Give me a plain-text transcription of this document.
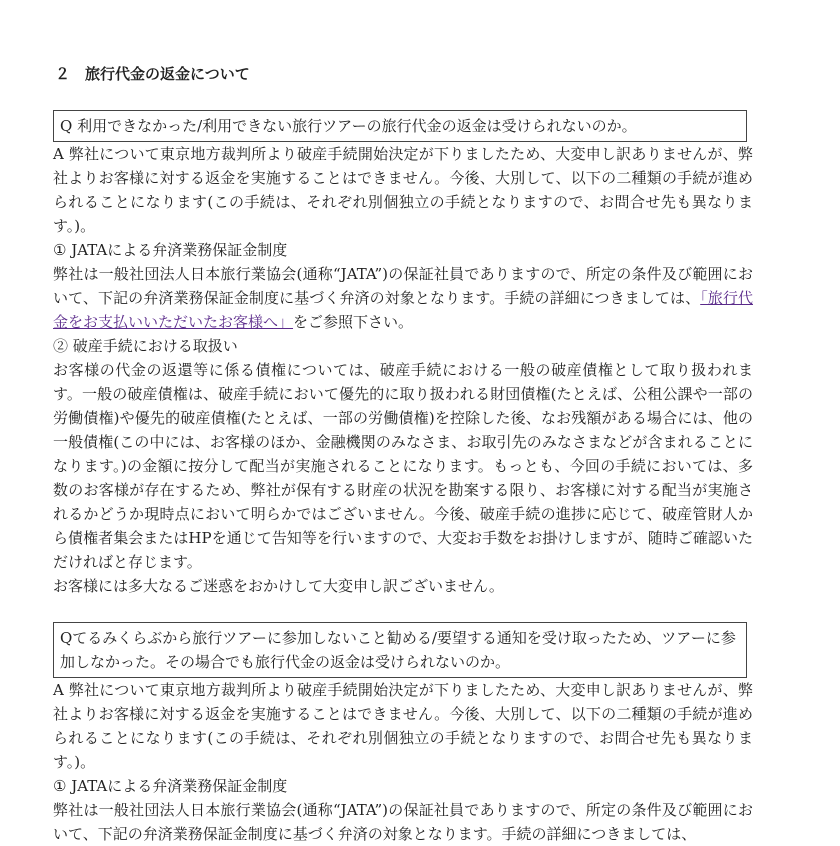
２　旅行代金の返金について
Q 利用できなかった/利用できない旅行ツアーの旅行代金の返金は受けられないのか。

A 弊社について東京地方裁判所より破産手続開始決定が下りましたため、大変申し訳ありませんが、弊社よりお客様に対する返金を実施することはできません。今後、大別して、以下の二種類の手続が進められることになります(この手続は、それぞれ別個独立の手続となりますので、お問合せ先も異なります。)。

① JATAによる弁済業務保証金制度

弊社は一般社団法人日本旅行業協会(通称“JATA”)の保証社員でありますので、所定の条件及び範囲において、下記の弁済業務保証金制度に基づく弁済の対象となります。手続の詳細につきましては、「旅行代金をお支払いいただいたお客様へ」をご参照下さい。

② 破産手続における取扱い

お客様の代金の返還等に係る債権については、破産手続における一般の破産債権として取り扱われます。一般の破産債権は、破産手続において優先的に取り扱われる財団債権(たとえば、公租公課や一部の労働債権)や優先的破産債権(たとえば、一部の労働債権)を控除した後、なお残額がある場合には、他の一般債権(この中には、お客様のほか、金融機関のみなさま、お取引先のみなさまなどが含まれることになります。)の金額に按分して配当が実施されることになります。もっとも、今回の手続においては、多数のお客様が存在するため、弊社が保有する財産の状況を勘案する限り、お客様に対する配当が実施されるかどうか現時点において明らかではございません。今後、破産手続の進捗に応じて、破産管財人から債権者集会またはHPを通じて告知等を行いますので、大変お手数をお掛けしますが、随時ご確認いただければと存じます。

お客様には多大なるご迷惑をおかけして大変申し訳ございません。

Qてるみくらぶから旅行ツアーに参加しないこと勧める/要望する通知を受け取ったため、ツアーに参加しなかった。その場合でも旅行代金の返金は受けられないのか。

A 弊社について東京地方裁判所より破産手続開始決定が下りましたため、大変申し訳ありませんが、弊社よりお客様に対する返金を実施することはできません。今後、大別して、以下の二種類の手続が進められることになります(この手続は、それぞれ別個独立の手続となりますので、お問合せ先も異なります。)。

① JATAによる弁済業務保証金制度

弊社は一般社団法人日本旅行業協会(通称“JATA”)の保証社員でありますので、所定の条件及び範囲において、下記の弁済業務保証金制度に基づく弁済の対象となります。手続の詳細につきましては、
